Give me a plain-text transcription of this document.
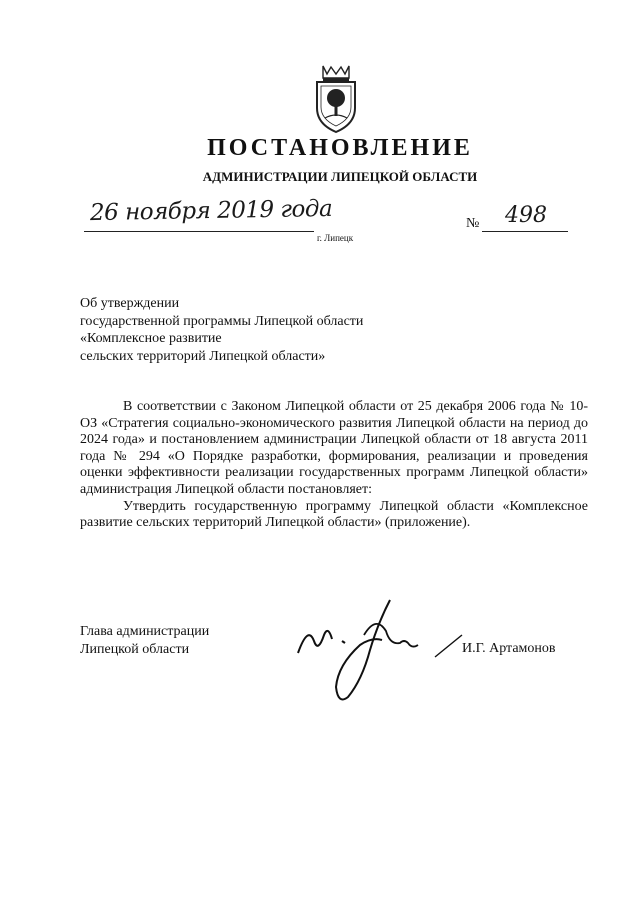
ПОСТАНОВЛЕНИЕ
АДМИНИСТРАЦИИ ЛИПЕЦКОЙ ОБЛАСТИ
26 ноября 2019 года
г. Липецк
№ 498
Об утверждении
государственной программы Липецкой области
«Комплексное развитие
сельских территорий Липецкой области»

В соответствии с Законом Липецкой области от 25 декабря 2006 года № 10-ОЗ «Стратегия социально-экономического развития Липецкой области на период до 2024 года» и постановлением администрации Липецкой области от 18 августа 2011 года № 294 «О Порядке разработки, формирования, реализации и проведения оценки эффективности реализации государственных программ Липецкой области» администрация Липецкой области постановляет:

Утвердить государственную программу Липецкой области «Комплексное развитие сельских территорий Липецкой области» (приложение).

Глава администрации
Липецкой области	И.Г. Артамонов
